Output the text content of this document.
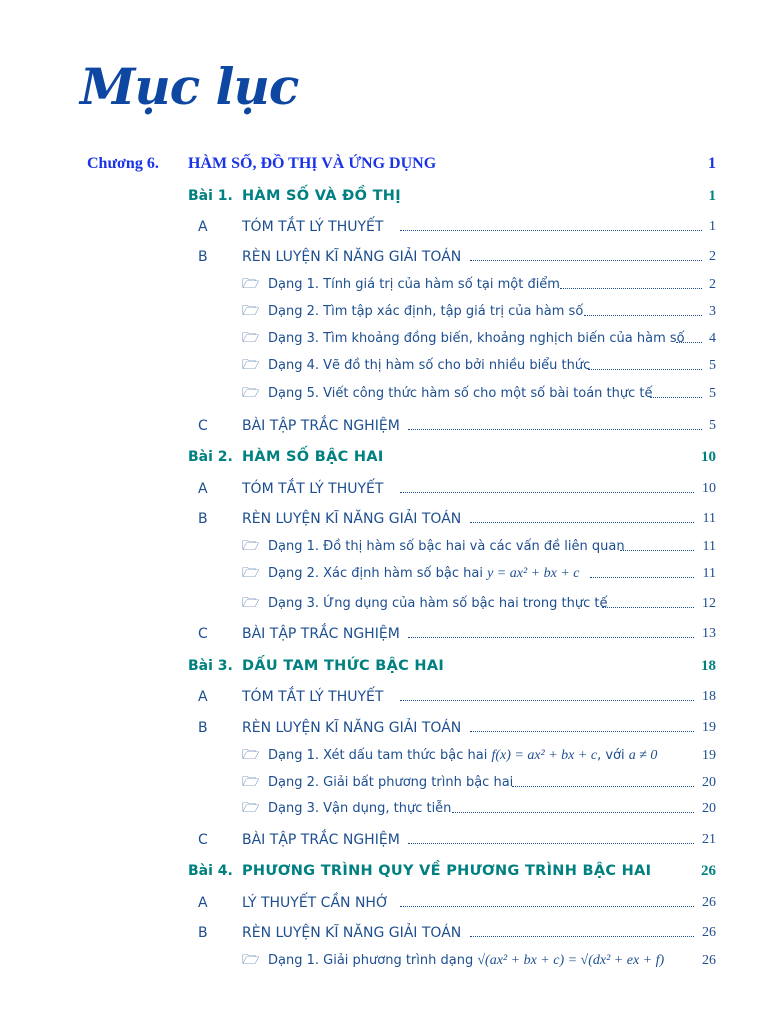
Mục lục
Chương 6. HÀM SỐ, ĐỒ THỊ VÀ ỨNG DỤNG	1
Bài 1. HÀM SỐ VÀ ĐỒ THỊ	1
A TÓM TẮT LÝ THUYẾT	1
B RÈN LUYỆN KĨ NĂNG GIẢI TOÁN	2
🗁 Dạng 1. Tính giá trị của hàm số tại một điểm	2
🗁 Dạng 2. Tìm tập xác định, tập giá trị của hàm số	3
🗁 Dạng 3. Tìm khoảng đồng biến, khoảng nghịch biến của hàm số 4
🗁 Dạng 4. Vẽ đồ thị hàm số cho bởi nhiều biểu thức	5
🗁 Dạng 5. Viết công thức hàm số cho một số bài toán thực tế	5
C BÀI TẬP TRẮC NGHIỆM	5
Bài 2. HÀM SỐ BẬC HAI	10
A TÓM TẮT LÝ THUYẾT	10
B RÈN LUYỆN KĨ NĂNG GIẢI TOÁN	11
🗁 Dạng 1. Đồ thị hàm số bậc hai và các vấn đề liên quan	11
🗁 Dạng 2. Xác định hàm số bậc hai y = ax² + bx + c	11
🗁 Dạng 3. Ứng dụng của hàm số bậc hai trong thực tế	12
C BÀI TẬP TRẮC NGHIỆM	13
Bài 3. DẤU TAM THỨC BẬC HAI	18
A TÓM TẮT LÝ THUYẾT	18
B RÈN LUYỆN KĨ NĂNG GIẢI TOÁN	19
🗁 Dạng 1. Xét dấu tam thức bậc hai f(x) = ax² + bx + c, với a ≠ 0	19
🗁 Dạng 2. Giải bất phương trình bậc hai	20
🗁 Dạng 3. Vận dụng, thực tiễn	20
C BÀI TẬP TRẮC NGHIỆM	21
Bài 4. PHƯƠNG TRÌNH QUY VỀ PHƯƠNG TRÌNH BẬC HAI	26
A LÝ THUYẾT CẦN NHỚ	26
B RÈN LUYỆN KĨ NĂNG GIẢI TOÁN	26
🗁 Dạng 1. Giải phương trình dạng √(ax² + bx + c) = √(dx² + ex + f)	26
